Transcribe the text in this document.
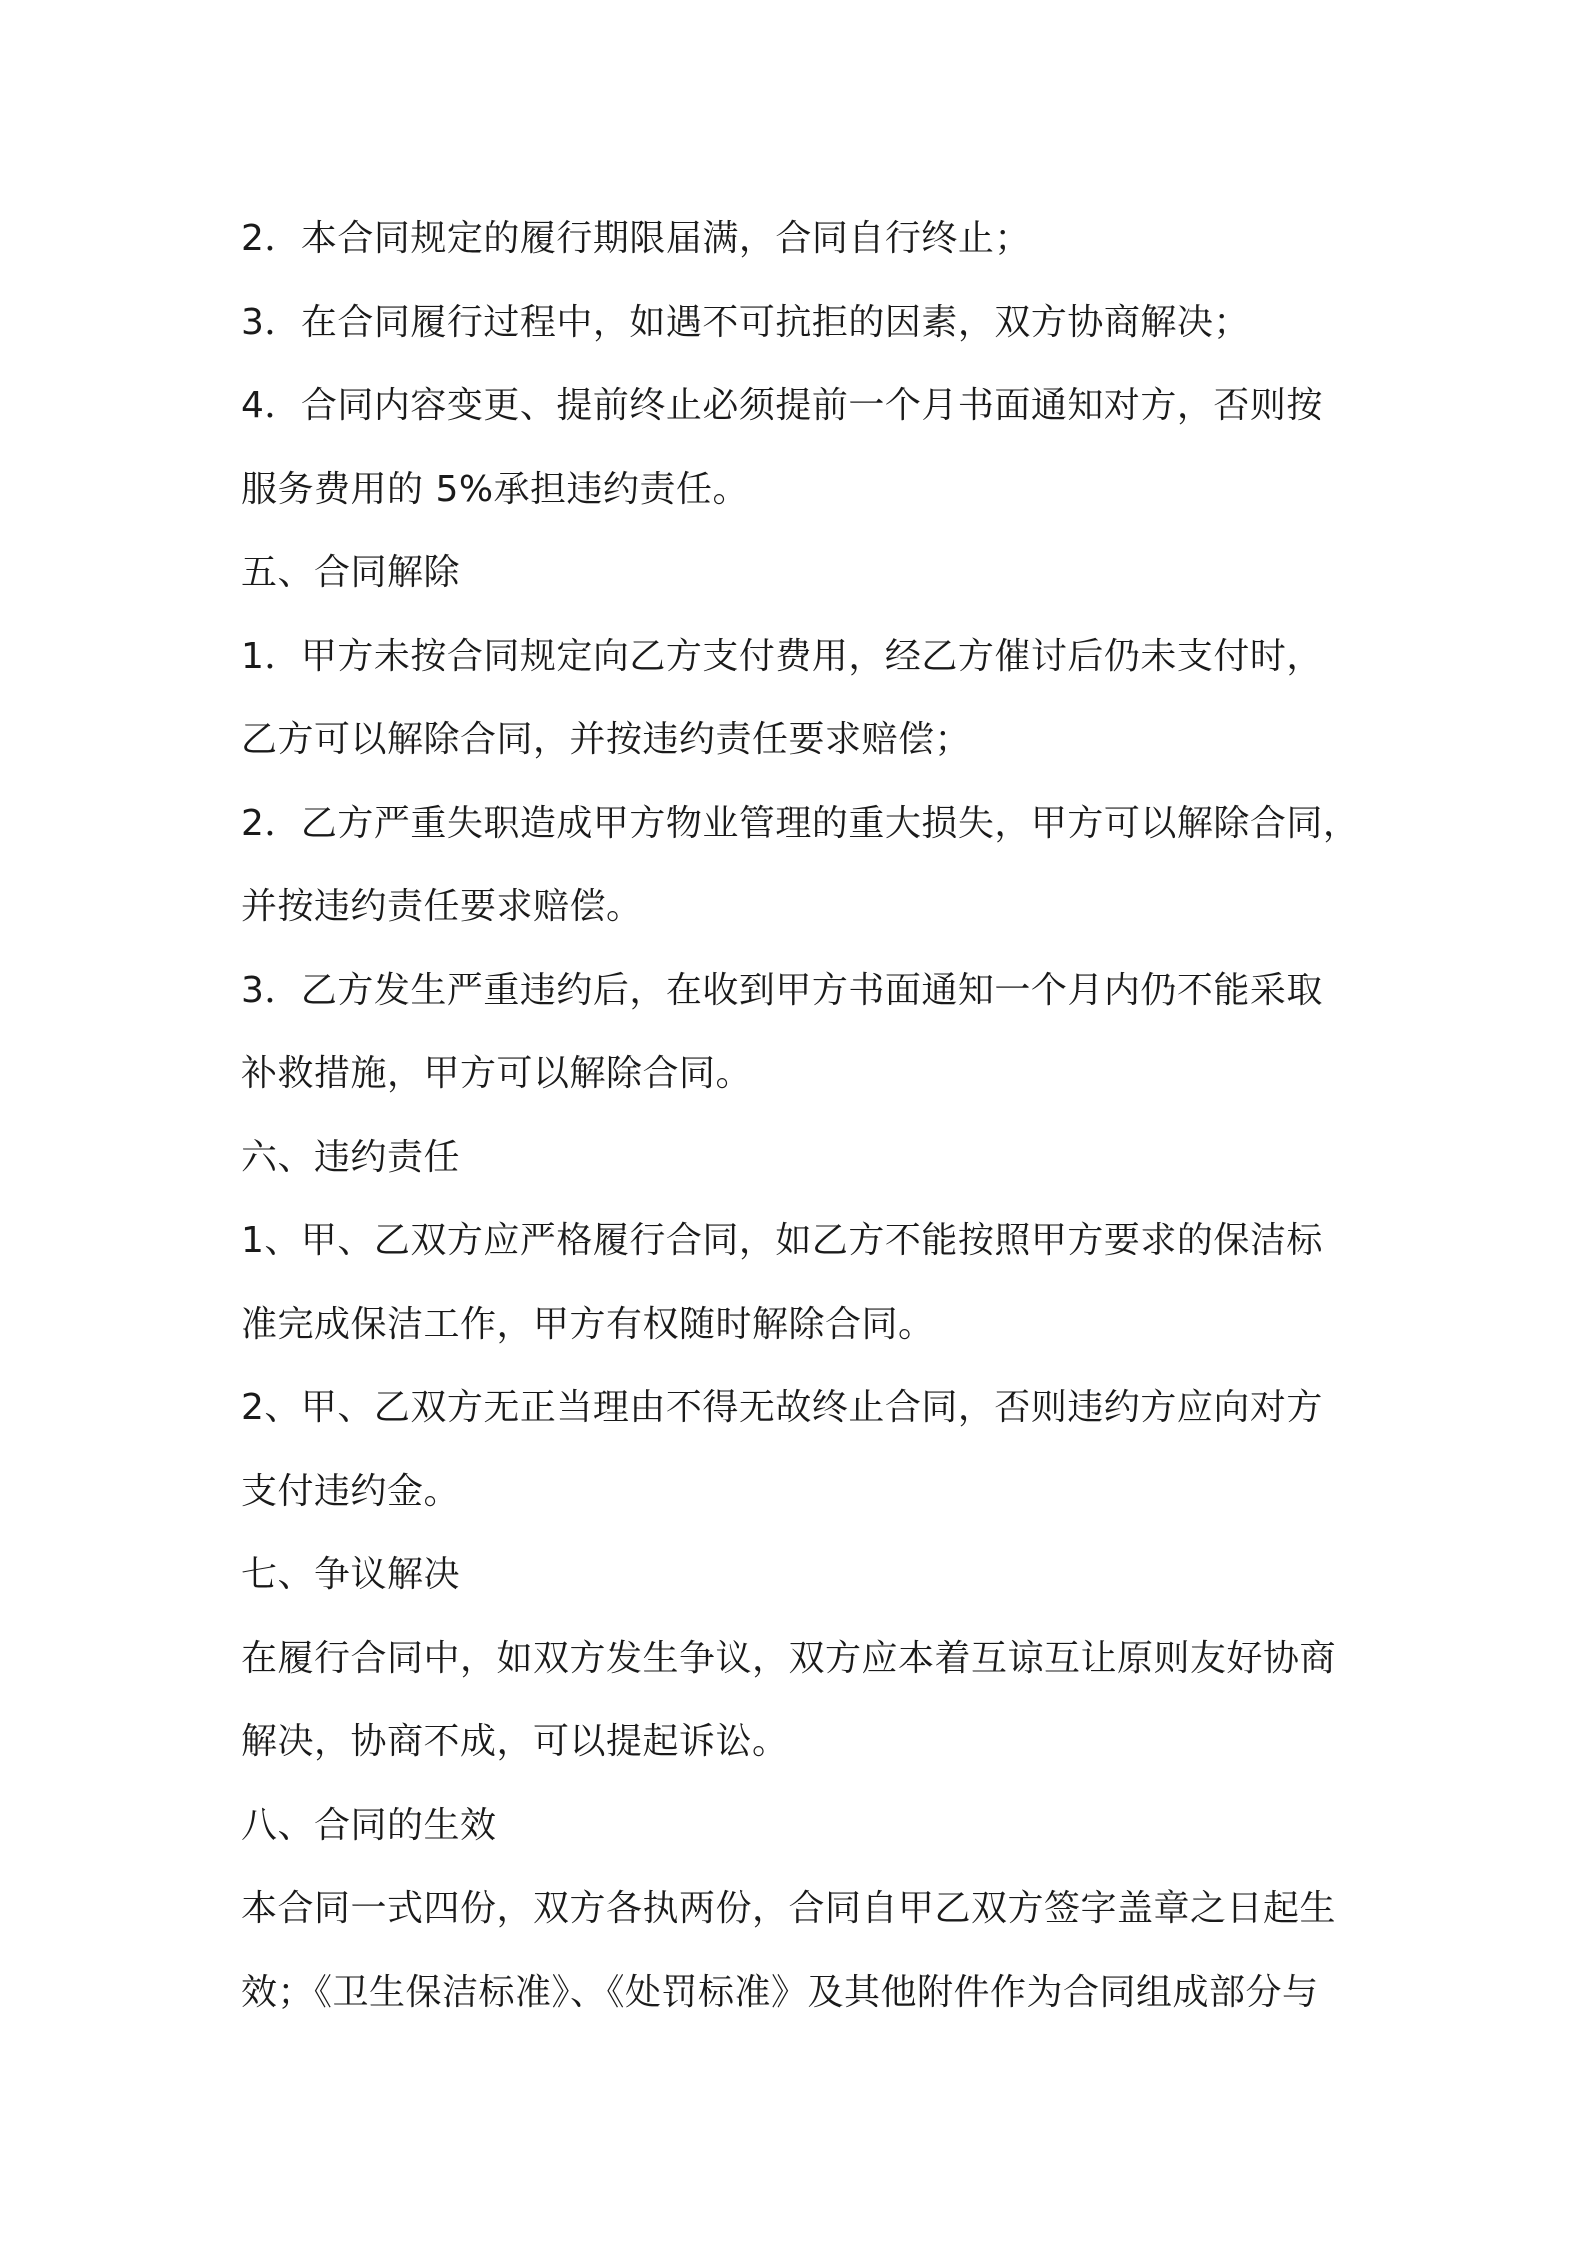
2．本合同规定的履行期限届满，合同自行终止；
3．在合同履行过程中，如遇不可抗拒的因素，双方协商解决；
4．合同内容变更、提前终止必须提前一个月书面通知对方，否则按
服务费用的 5%承担违约责任。
五、合同解除
1．甲方未按合同规定向乙方支付费用，经乙方催讨后仍未支付时，
乙方可以解除合同，并按违约责任要求赔偿；
2．乙方严重失职造成甲方物业管理的重大损失，甲方可以解除合同，
并按违约责任要求赔偿。
3．乙方发生严重违约后，在收到甲方书面通知一个月内仍不能采取
补救措施，甲方可以解除合同。
六、违约责任
1、甲、乙双方应严格履行合同，如乙方不能按照甲方要求的保洁标
准完成保洁工作，甲方有权随时解除合同。
2、甲、乙双方无正当理由不得无故终止合同，否则违约方应向对方
支付违约金。
七、争议解决
在履行合同中，如双方发生争议，双方应本着互谅互让原则友好协商
解决，协商不成，可以提起诉讼。
八、合同的生效
本合同一式四份，双方各执两份，合同自甲乙双方签字盖章之日起生
效；《卫生保洁标准》、《处罚标准》及其他附件作为合同组成部分与
